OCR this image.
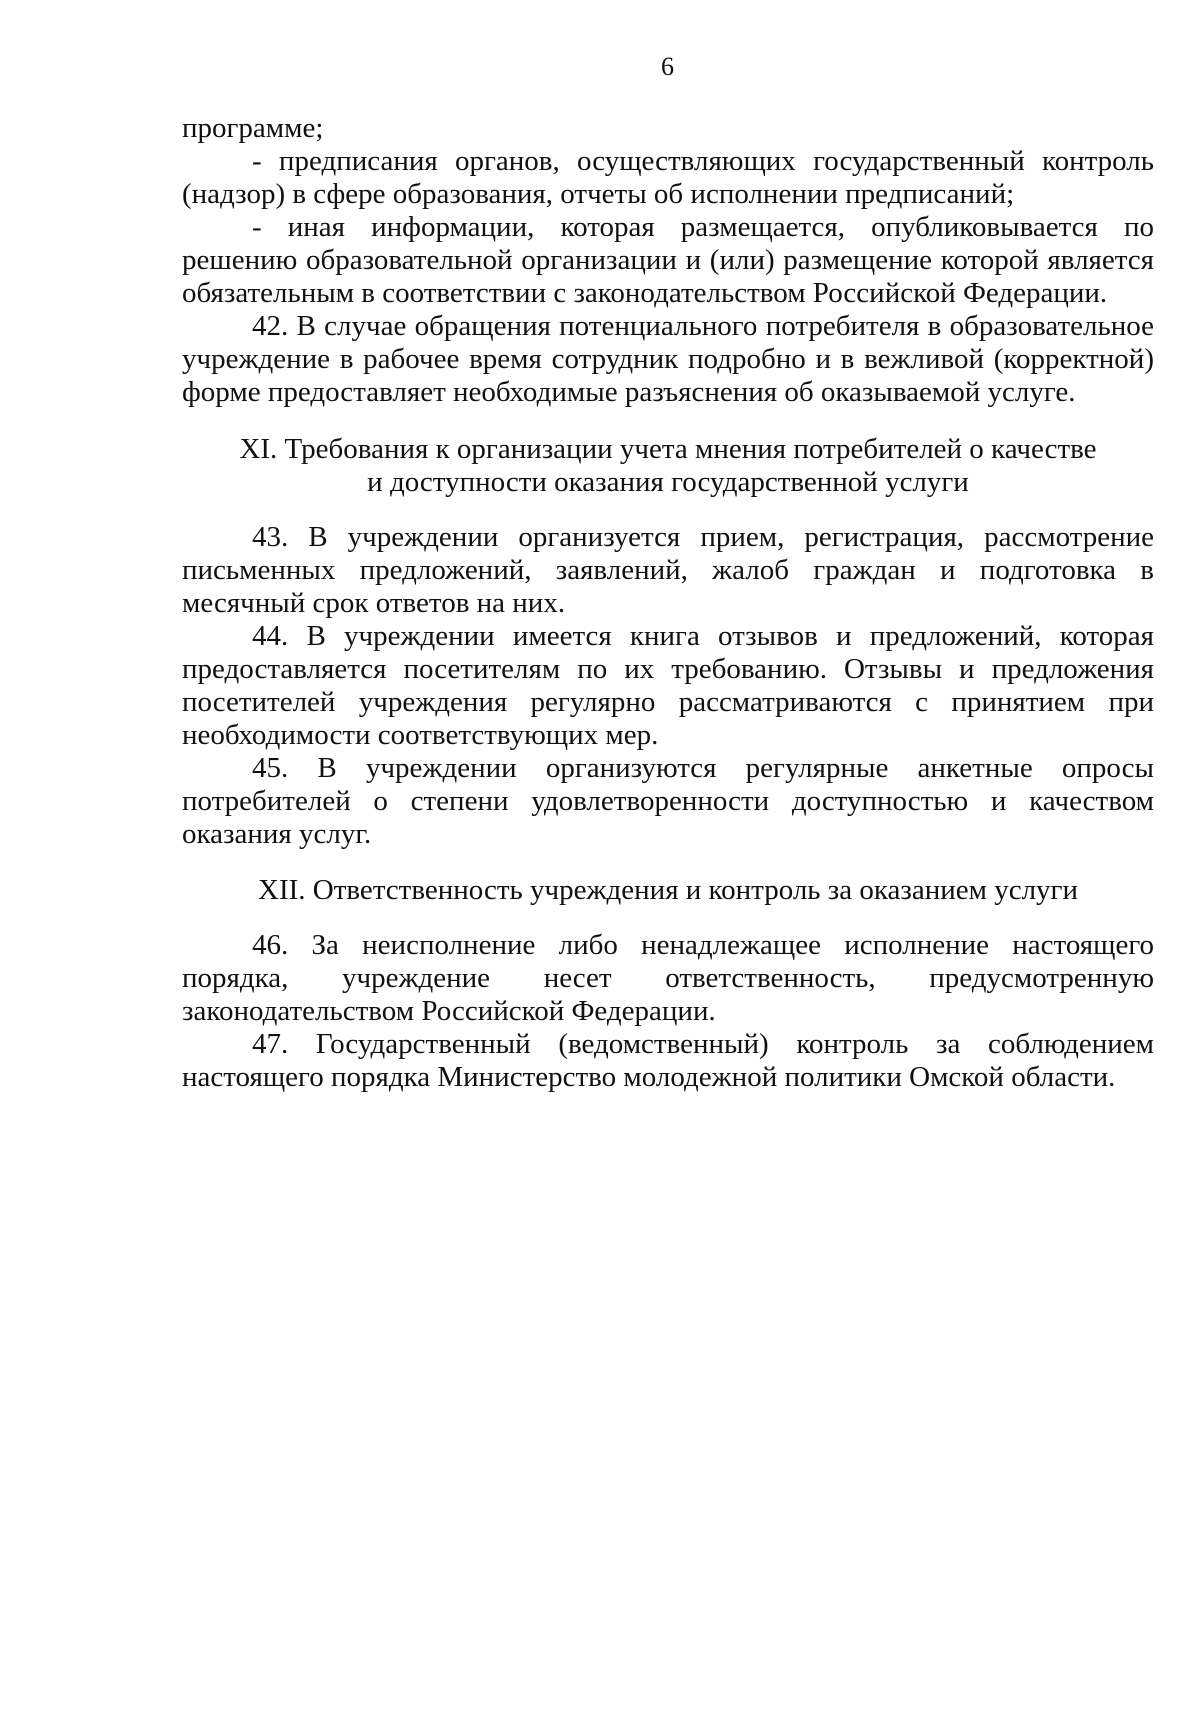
6

программе;

- предписания органов, осуществляющих государственный контроль (надзор) в сфере образования, отчеты об исполнении предписаний;

- иная информации, которая размещается, опубликовывается по решению образовательной организации и (или) размещение которой является обязательным в соответствии с законодательством Российской Федерации.

42. В случае обращения потенциального потребителя в образовательное учреждение в рабочее время сотрудник подробно и в вежливой (корректной) форме предоставляет необходимые разъяснения об оказываемой услуге.

XI. Требования к организации учета мнения потребителей о качестве
и доступности оказания государственной услуги

43. В учреждении организуется прием, регистрация, рассмотрение письменных предложений, заявлений, жалоб граждан и подготовка в месячный срок ответов на них.

44. В учреждении имеется книга отзывов и предложений, которая предоставляется посетителям по их требованию. Отзывы и предложения посетителей учреждения регулярно рассматриваются с принятием при необходимости соответствующих мер.

45. В учреждении организуются регулярные анкетные опросы потребителей о степени удовлетворенности доступностью и качеством оказания услуг.

XII. Ответственность учреждения и контроль за оказанием услуги

46. За неисполнение либо ненадлежащее исполнение настоящего порядка, учреждение несет ответственность, предусмотренную законодательством Российской Федерации.

47. Государственный (ведомственный) контроль за соблюдением настоящего порядка Министерство молодежной политики Омской области.
